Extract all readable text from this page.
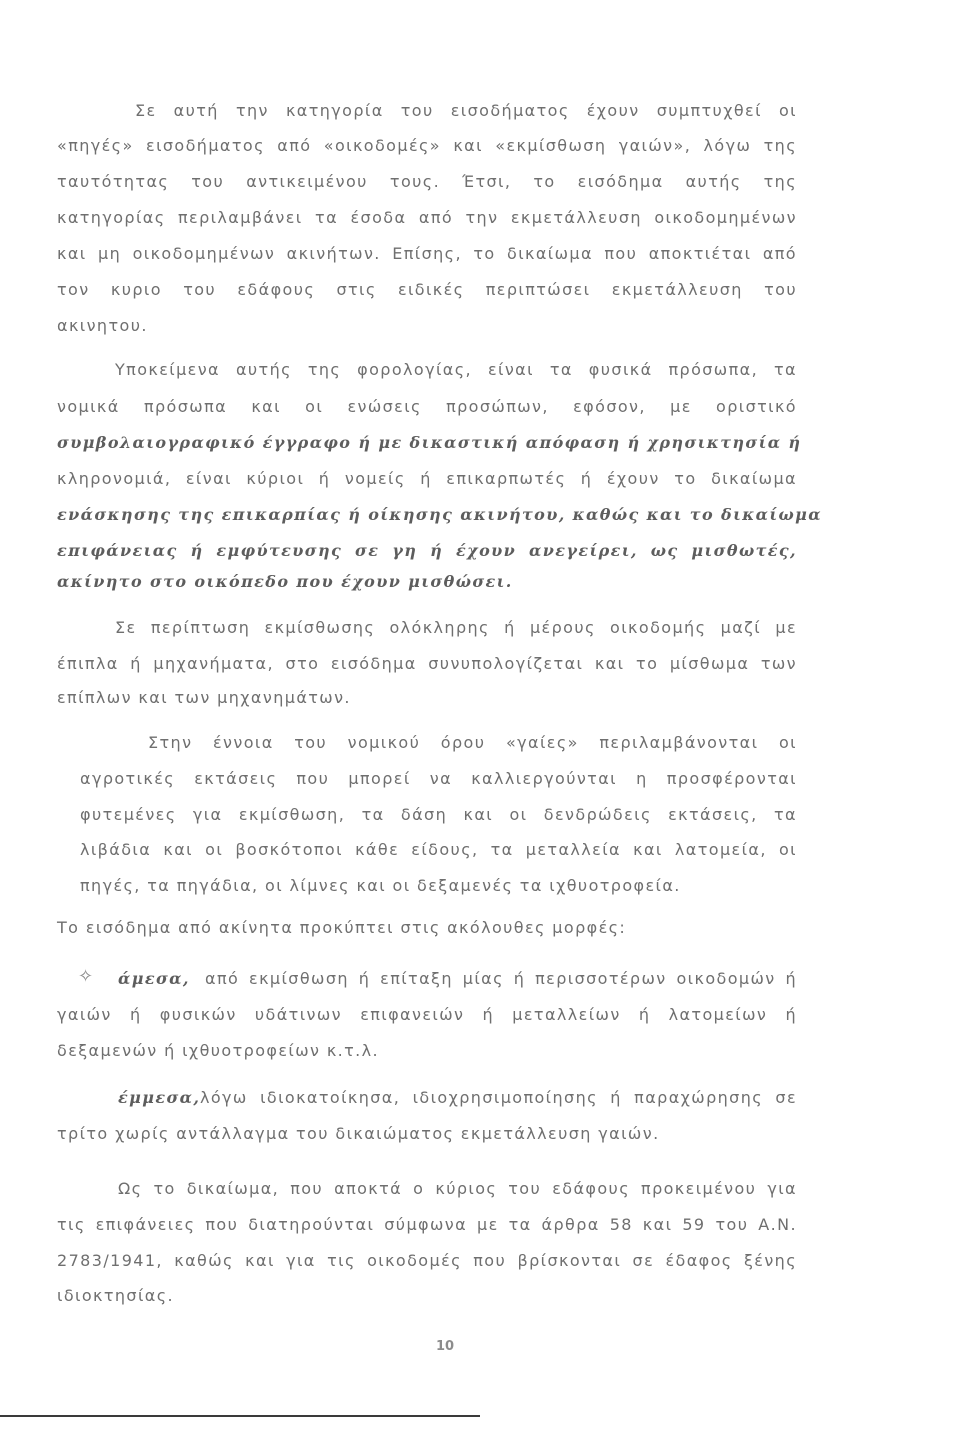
Σε αυτή την κατηγορία του εισοδήματος έχουν συμπτυχθεί οι
«πηγές» εισοδήματος από «οικοδομές» και «εκμίσθωση γαιών», λόγω της
ταυτότητας του αντικειμένου τους. Έτσι, το εισόδημα αυτής της
κατηγορίας περιλαμβάνει τα έσοδα από την εκμετάλλευση οικοδομημένων
και μη οικοδομημένων ακινήτων. Επίσης, το δικαίωμα που αποκτιέται από
τον κυριο του εδάφους στις ειδικές περιπτώσει εκμετάλλευση του
ακινητου.
Υποκείμενα αυτής της φορολογίας, είναι τα φυσικά πρόσωπα, τα
νομικά πρόσωπα και οι ενώσεις προσώπων, εφόσον, με οριστικό
συμβολαιογραφικό έγγραφο ή με δικαστική απόφαση ή χρησικτησία ή
κληρονομιά, είναι κύριοι ή νομείς ή επικαρπωτές ή έχουν το δικαίωμα
ενάσκησης της επικαρπίας ή οίκησης ακινήτου, καθώς και το δικαίωμα
επιφάνειας ή εμφύτευσης σε γη ή έχουν ανεγείρει, ως μισθωτές,
ακίνητο στο οικόπεδο που έχουν μισθώσει.
Σε περίπτωση εκμίσθωσης ολόκληρης ή μέρους οικοδομής μαζί με
έπιπλα ή μηχανήματα, στο εισόδημα συνυπολογίζεται και το μίσθωμα των
επίπλων και των μηχανημάτων.
Στην έννοια του νομικού όρου «γαίες» περιλαμβάνονται οι
αγροτικές εκτάσεις που μπορεί να καλλιεργούνται η προσφέρονται
φυτεμένες για εκμίσθωση, τα δάση και οι δενδρώδεις εκτάσεις, τα
λιβάδια και οι βοσκότοποι κάθε είδους, τα μεταλλεία και λατομεία, οι
πηγές, τα πηγάδια, οι λίμνες και οι δεξαμενές τα ιχθυοτροφεία.
Το εισόδημα από ακίνητα προκύπτει στις ακόλουθες μορφές:
✧ άμεσα, από εκμίσθωση ή επίταξη μίας ή περισσοτέρων οικοδομών ή
γαιών ή φυσικών υδάτινων επιφανειών ή μεταλλείων ή λατομείων ή
δεξαμενών ή ιχθυοτροφείων κ.τ.λ.
έμμεσα, λόγω ιδιοκατοίκησα, ιδιοχρησιμοποίησης ή παραχώρησης σε
τρίτο χωρίς αντάλλαγμα του δικαιώματος εκμετάλλευση γαιών.
Ως το δικαίωμα, που αποκτά ο κύριος του εδάφους προκειμένου για
τις επιφάνειες που διατηρούνται σύμφωνα με τα άρθρα 58 και 59 του Α.Ν.
2783/1941, καθώς και για τις οικοδομές που βρίσκονται σε έδαφος ξένης
ιδιοκτησίας.
10
